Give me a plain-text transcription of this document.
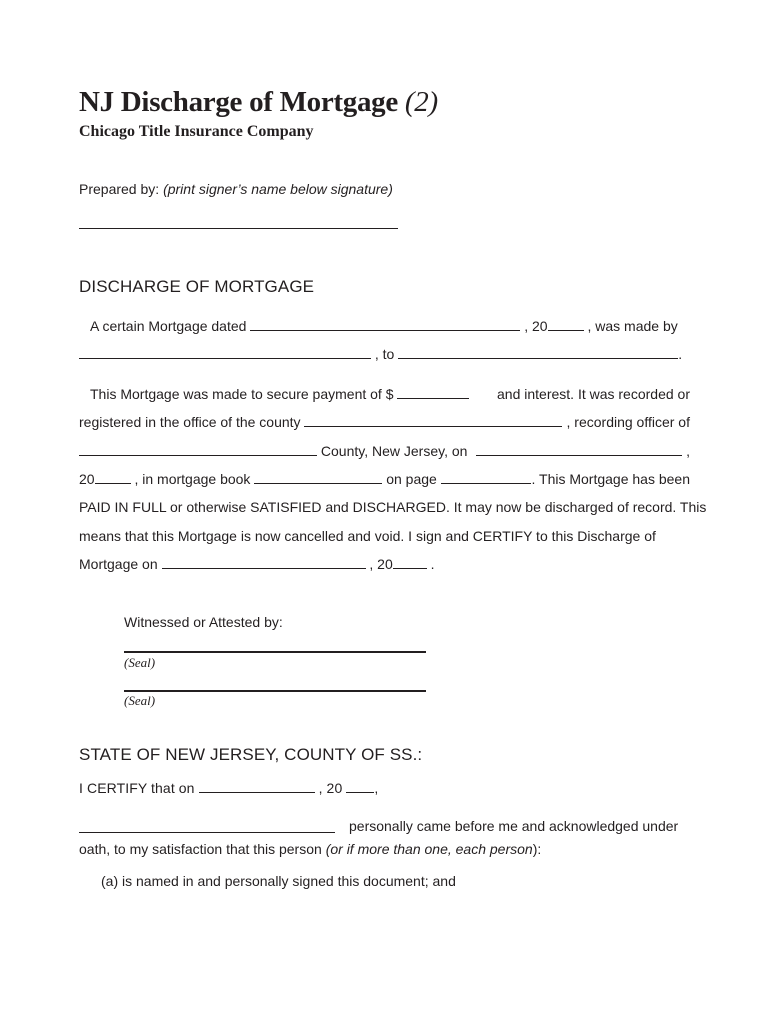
NJ Discharge of Mortgage (2)
Chicago Title Insurance Company
Prepared by: (print signer’s name below signature)
DISCHARGE OF MORTGAGE
A certain Mortgage dated	, 20	, was made by
, to	.
This Mortgage was made to secure payment of $	and interest. It was recorded or
registered in the office of the county	, recording officer of
County, New Jersey, on	,
20	, in mortgage book	on page	. This Mortgage has been
PAID IN FULL or otherwise SATISFIED and DISCHARGED. It may now be discharged of record. This
means that this Mortgage is now cancelled and void. I sign and CERTIFY to this Discharge of
Mortgage on	, 20	.
Witnessed or Attested by:
(Seal)
(Seal)
STATE OF NEW JERSEY, COUNTY OF SS.:
I CERTIFY that on	, 20 ,
personally came before me and acknowledged under
oath, to my satisfaction that this person (or if more than one, each person):
(a) is named in and personally signed this document; and
